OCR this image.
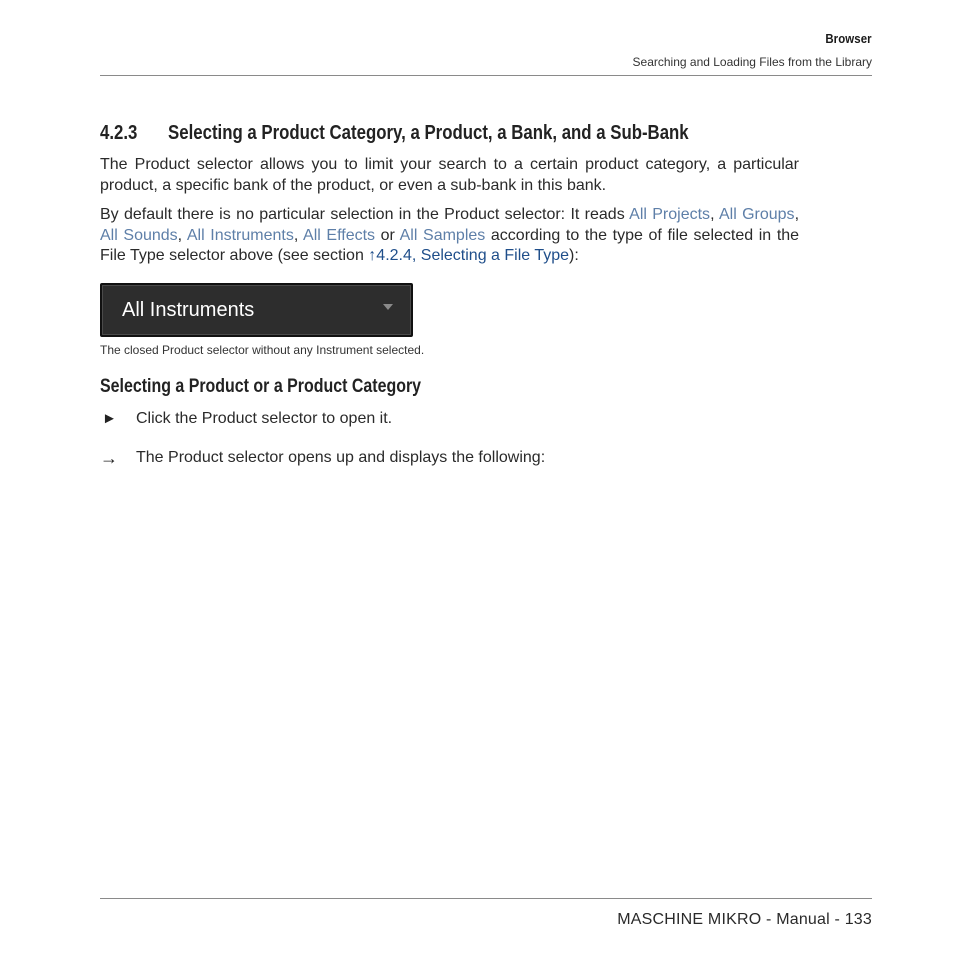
Browser
Searching and Loading Files from the Library
4.2.3 Selecting a Product Category, a Product, a Bank, and a Sub-Bank
The Product selector allows you to limit your search to a certain product category, a particular product, a specific bank of the product, or even a sub-bank in this bank.
By default there is no particular selection in the Product selector: It reads All Projects, All Groups, All Sounds, All Instruments, All Effects or All Samples according to the type of file selected in the File Type selector above (see section ↑4.2.4, Selecting a File Type):
All Instruments
The closed Product selector without any Instrument selected.
Selecting a Product or a Product Category
► Click the Product selector to open it.
→ The Product selector opens up and displays the following:
MASCHINE MIKRO - Manual - 133
